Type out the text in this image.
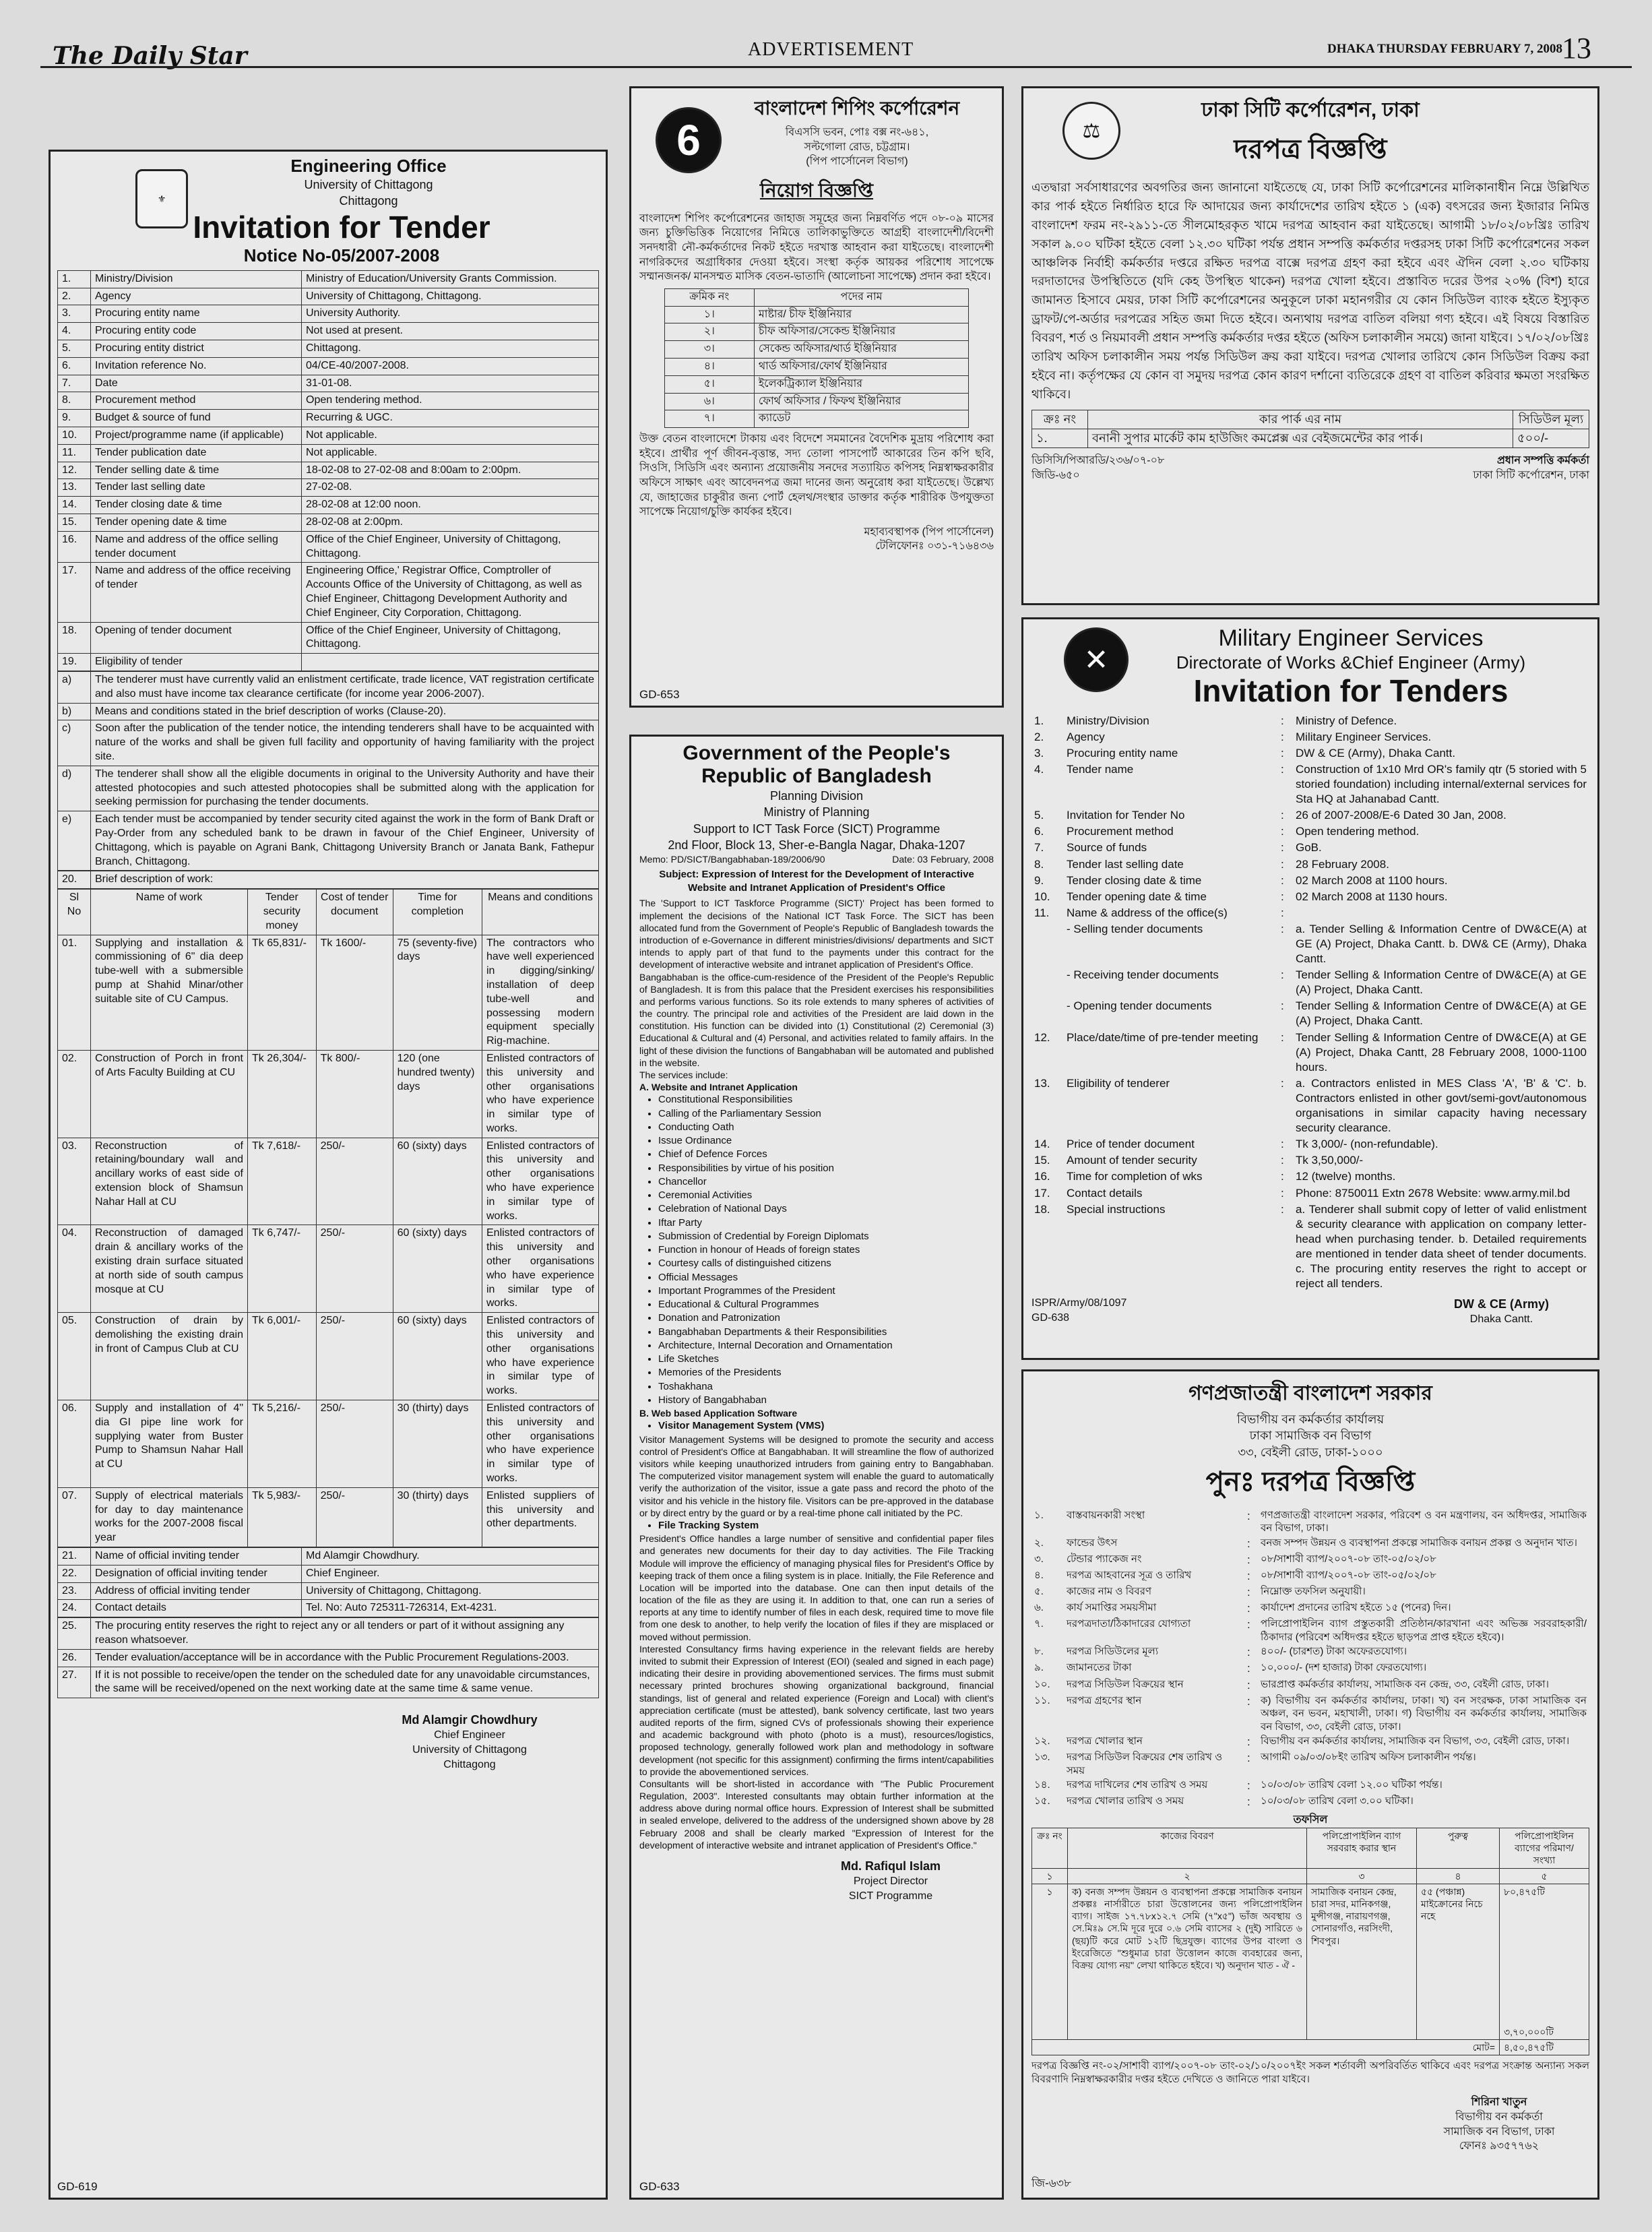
The Daily Star	ADVERTISEMENT	DHAKA THURSDAY FEBRUARY 7, 2008 13
⚜
Engineering Office
University of Chittagong
Chittagong
Invitation for Tender
Notice No-05/2007-2008
1.	Ministry/Division	Ministry of Education/University Grants Commission.
2.	Agency	University of Chittagong, Chittagong.
3.	Procuring entity name	University Authority.
4.	Procuring entity code	Not used at present.
5.	Procuring entity district	Chittagong.
6.	Invitation reference No.	04/CE-40/2007-2008.
7.	Date	31-01-08.
8.	Procurement method	Open tendering method.
9.	Budget & source of fund	Recurring & UGC.
10.	Project/programme name (if applicable)	Not applicable.
11.	Tender publication date	Not applicable.
12.	Tender selling date & time	18-02-08 to 27-02-08 and 8:00am to 2:00pm.
13.	Tender last selling date	27-02-08.
14.	Tender closing date & time	28-02-08 at 12:00 noon.
15.	Tender opening date & time	28-02-08 at 2:00pm.
16.	Name and address of the office selling tender document	Office of the Chief Engineer, University of Chittagong, Chittagong.
17.	Name and address of the office receiving of tender	Engineering Office,' Registrar Office, Comptroller of Accounts Office of the University of Chittagong, as well as Chief Engineer, Chittagong Development Authority and Chief Engineer, City Corporation, Chittagong.
18.	Opening of tender document	Office of the Chief Engineer, University of Chittagong, Chittagong.
19.	Eligibility of tender	
a)	The tenderer must have currently valid an enlistment certificate, trade licence, VAT registration certificate and also must have income tax clearance certificate (for income year 2006-2007).
b)	Means and conditions stated in the brief description of works (Clause-20).
c)	Soon after the publication of the tender notice, the intending tenderers shall have to be acquainted with nature of the works and shall be given full facility and opportunity of having familiarity with the project site.
d)	The tenderer shall show all the eligible documents in original to the University Authority and have their attested photocopies and such attested photocopies shall be submitted along with the application for seeking permission for purchasing the tender documents.
e)	Each tender must be accompanied by tender security cited against the work in the form of Bank Draft or Pay-Order from any scheduled bank to be drawn in favour of the Chief Engineer, University of Chittagong, which is payable on Agrani Bank, Chittagong University Branch or Janata Bank, Fathepur Branch, Chittagong.
20.	Brief description of work:
Sl No	Name of work	Tender security money	Cost of tender document	Time for completion	Means and conditions
01.	Supplying and installation & commissioning of 6" dia deep tube-well with a submersible pump at Shahid Minar/other suitable site of CU Campus.	Tk 65,831/-	Tk 1600/-	75 (seventy-five) days	The contractors who have well experienced in digging/sinking/ installation of deep tube-well and possessing modern equipment specially Rig-machine.
02.	Construction of Porch in front of Arts Faculty Building at CU	Tk 26,304/-	Tk 800/-	120 (one hundred twenty) days	Enlisted contractors of this university and other organisations who have experience in similar type of works.
03.	Reconstruction of retaining/boundary wall and ancillary works of east side of extension block of Shamsun Nahar Hall at CU	Tk 7,618/-	250/-	60 (sixty) days	Enlisted contractors of this university and other organisations who have experience in similar type of works.
04.	Reconstruction of damaged drain & ancillary works of the existing drain surface situated at north side of south campus mosque at CU	Tk 6,747/-	250/-	60 (sixty) days	Enlisted contractors of this university and other organisations who have experience in similar type of works.
05.	Construction of drain by demolishing the existing drain in front of Campus Club at CU	Tk 6,001/-	250/-	60 (sixty) days	Enlisted contractors of this university and other organisations who have experience in similar type of works.
06.	Supply and installation of 4" dia GI pipe line work for supplying water from Buster Pump to Shamsun Nahar Hall at CU	Tk 5,216/-	250/-	30 (thirty) days	Enlisted contractors of this university and other organisations who have experience in similar type of works.
07.	Supply of electrical materials for day to day maintenance works for the 2007-2008 fiscal year	Tk 5,983/-	250/-	30 (thirty) days	Enlisted suppliers of this university and other departments.
21.	Name of official inviting tender	Md Alamgir Chowdhury.
22.	Designation of official inviting tender	Chief Engineer.
23.	Address of official inviting tender	University of Chittagong, Chittagong.
24.	Contact details	Tel. No: Auto 725311-726314, Ext-4231.
25.	The procuring entity reserves the right to reject any or all tenders or part of it without assigning any reason whatsoever.
26.	Tender evaluation/acceptance will be in accordance with the Public Procurement Regulations-2003.
27.	If it is not possible to receive/open the tender on the scheduled date for any unavoidable circumstances, the same will be received/opened on the next working date at the same time & same venue.
Md Alamgir Chowdhury
Chief Engineer
University of Chittagong
Chittagong
GD-619
6
বাংলাদেশ শিপিং কর্পোরেশন
বিএসসি ভবন, পোঃ বক্স নং-৬৪১,
সল্টগোলা রোড, চট্টগ্রাম।
(পিপ পার্সোনেল বিভাগ)
নিয়োগ বিজ্ঞপ্তি
বাংলাদেশ শিপিং কর্পোরেশনের জাহাজ সমূহের জন্য নিম্নবর্ণিত পদে ০৮-০৯ মাসের জন্য চুক্তিভিত্তিক নিয়োগের নিমিত্তে তালিকাভুক্তিতে আগ্রহী বাংলাদেশী/বিদেশী সনদধারী নৌ-কর্মকর্তাদের নিকট হইতে দরখাস্ত আহবান করা যাইতেছে। বাংলাদেশী নাগরিকদের অগ্রাধিকার দেওয়া হইবে। সংস্থা কর্তৃক আয়কর পরিশোধ সাপেক্ষে সম্মানজনক/ মানসম্মত মাসিক বেতন-ভাতাদি (আলোচনা সাপেক্ষে) প্রদান করা হইবে।
ক্রমিক নং	পদের নাম
১।	মাষ্টার/ চীফ ইঞ্জিনিয়ার
২।	চীফ অফিসার/সেকেন্ড ইঞ্জিনিয়ার
৩।	সেকেন্ড অফিসার/থার্ড ইঞ্জিনিয়ার
৪।	থার্ড অফিসার/ফোর্থ ইঞ্জিনিয়ার
৫।	ইলেকট্রিক্যাল ইঞ্জিনিয়ার
৬।	ফোর্থ অফিসার / ফিফথ ইঞ্জিনিয়ার
৭।	ক্যাডেট
উক্ত বেতন বাংলাদেশে টাকায় এবং বিদেশে সমমানের বৈদেশিক মুদ্রায় পরিশোধ করা হইবে। প্রার্থীর পূর্ণ জীবন-বৃত্তান্ত, সদ্য তোলা পাসপোর্ট আকারের তিন কপি ছবি, সিওসি, সিডিসি এবং অন্যান্য প্রয়োজনীয় সনদের সত্যায়িত কপিসহ নিম্নস্বাক্ষরকারীর অফিসে সাক্ষাৎ এবং আবেদনপত্র জমা দানের জন্য অনুরোধ করা যাইতেছে। উল্লেখ্য যে, জাহাজের চাকুরীর জন্য পোর্ট হেলথ/সংস্থার ডাক্তার কর্তৃক শারীরিক উপযুক্ততা সাপেক্ষে নিয়োগ/চুক্তি কার্যকর হইবে।
মহাব্যবস্থাপক (পিপ পার্সোনেল)
টেলিফোনঃ ০৩১-৭১৬৪৩৬
GD-653
Government of the People's
Republic of Bangladesh
Planning Division
Ministry of Planning
Support to ICT Task Force (SICT) Programme
2nd Floor, Block 13, Sher-e-Bangla Nagar, Dhaka-1207
Memo: PD/SICT/Bangabhaban-189/2006/90	Date: 03 February, 2008
Subject: Expression of Interest for the Development of Interactive Website and Intranet Application of President's Office
The 'Support to ICT Taskforce Programme (SICT)' Project has been formed to implement the decisions of the National ICT Task Force. The SICT has been allocated fund from the Government of People's Republic of Bangladesh towards the introduction of e-Governance in different ministries/divisions/ departments and SICT intends to apply part of that fund to the payments under this contract for the development of interactive website and intranet application of President's Office.
Bangabhaban is the office-cum-residence of the President of the People's Republic of Bangladesh. It is from this palace that the President exercises his responsibilities and performs various functions. So its role extends to many spheres of activities of the country. The principal role and activities of the President are laid down in the constitution. His function can be divided into (1) Constitutional (2) Ceremonial (3) Educational & Cultural and (4) Personal, and activities related to family affairs. In the light of these division the functions of Bangabhaban will be automated and published in the website.
The services include:
A. Website and Intranet Application
• Constitutional Responsibilities
• Calling of the Parliamentary Session
• Conducting Oath
• Issue Ordinance
• Chief of Defence Forces
• Responsibilities by virtue of his position
• Chancellor
• Ceremonial Activities
• Celebration of National Days
• Iftar Party
• Submission of Credential by Foreign Diplomats
• Function in honour of Heads of foreign states
• Courtesy calls of distinguished citizens
• Official Messages
• Important Programmes of the President
• Educational & Cultural Programmes
• Donation and Patronization
• Bangabhaban Departments & their Responsibilities
• Architecture, Internal Decoration and Ornamentation
• Life Sketches
• Memories of the Presidents
• Toshakhana
• History of Bangabhaban
B. Web based Application Software
• Visitor Management System (VMS)
Visitor Management Systems will be designed to promote the security and access control of President's Office at Bangabhaban. It will streamline the flow of authorized visitors while keeping unauthorized intruders from gaining entry to Bangabhaban. The computerized visitor management system will enable the guard to automatically verify the authorization of the visitor, issue a gate pass and record the photo of the visitor and his vehicle in the history file. Visitors can be pre-approved in the database or by direct entry by the guard or by a real-time phone call initiated by the PC.
• File Tracking System
President's Office handles a large number of sensitive and confidential paper files and generates new documents for their day to day activities. The File Tracking Module will improve the efficiency of managing physical files for President's Office by keeping track of them once a filing system is in place. Initially, the File Reference and Location will be imported into the database. One can then input details of the location of the file as they are using it. In addition to that, one can run a series of reports at any time to identify number of files in each desk, required time to move file from one desk to another, to help verify the location of files if they are misplaced or moved without permission.
Interested Consultancy firms having experience in the relevant fields are hereby invited to submit their Expression of Interest (EOI) (sealed and signed in each page) indicating their desire in providing abovementioned services. The firms must submit necessary printed brochures showing organizational background, financial standings, list of general and related experience (Foreign and Local) with client's appreciation certificate (must be attested), bank solvency certificate, last two years audited reports of the firm, signed CVs of professionals showing their experience and academic background with photo (photo is a must), resources/logistics, proposed technology, generally followed work plan and methodology in software development (not specific for this assignment) confirming the firms intent/capabilities to provide the abovementioned services.
Consultants will be short-listed in accordance with "The Public Procurement Regulation, 2003". Interested consultants may obtain further information at the address above during normal office hours. Expression of Interest shall be submitted in sealed envelope, delivered to the address of the undersigned shown above by 28 February 2008 and shall be clearly marked "Expression of Interest for the development of interactive website and intranet application of President's Office."
Md. Rafiqul Islam
Project Director
SICT Programme
GD-633
⚖
ঢাকা সিটি কর্পোরেশন, ঢাকা
দরপত্র বিজ্ঞপ্তি
এতদ্বারা সর্বসাধারণের অবগতির জন্য জানানো যাইতেছে যে, ঢাকা সিটি কর্পোরেশনের মালিকানাধীন নিম্নে উল্লিখিত কার পার্ক হইতে নির্ধারিত হারে ফি আদায়ের জন্য কার্যাদেশের তারিখ হইতে ১ (এক) বৎসরের জন্য ইজারার নিমিত্ত বাংলাদেশ ফরম নং-২৯১১-তে সীলমোহরকৃত খামে দরপত্র আহবান করা যাইতেছে। আগামী ১৮/০২/০৮খ্রিঃ তারিখ সকাল ৯.০০ ঘটিকা হইতে বেলা ১২.৩০ ঘটিকা পর্যন্ত প্রধান সম্পত্তি কর্মকর্তার দপ্তরসহ ঢাকা সিটি কর্পোরেশনের সকল আঞ্চলিক নির্বাহী কর্মকর্তার দপ্তরে রক্ষিত দরপত্র বাক্সে দরপত্র গ্রহণ করা হইবে এবং ঐদিন বেলা ২.৩০ ঘটিকায় দরদাতাদের উপস্থিতিতে (যদি কেহ উপস্থিত থাকেন) দরপত্র খোলা হইবে। প্রস্তাবিত দরের উপর ২০% (বিশ) হারে জামানত হিসাবে মেয়র, ঢাকা সিটি কর্পোরেশনের অনুকূলে ঢাকা মহানগরীর যে কোন সিডিউল ব্যাংক হইতে ইস্যুকৃত ড্রাফট/পে-অর্ডার দরপত্রের সহিত জমা দিতে হইবে। অন্যথায় দরপত্র বাতিল বলিয়া গণ্য হইবে। এই বিষয়ে বিস্তারিত বিবরণ, শর্ত ও নিয়মাবলী প্রধান সম্পত্তি কর্মকর্তার দপ্তর হইতে (অফিস চলাকালীন সময়ে) জানা যাইবে। ১৭/০২/০৮খ্রিঃ তারিখ অফিস চলাকালীন সময় পর্যন্ত সিডিউল ক্রয় করা যাইবে। দরপত্র খোলার তারিখে কোন সিডিউল বিক্রয় করা হইবে না। কর্তৃপক্ষের যে কোন বা সমুদয় দরপত্র কোন কারণ দর্শানো ব্যতিরেকে গ্রহণ বা বাতিল করিবার ক্ষমতা সংরক্ষিত থাকিবে।
ক্রঃ নং	কার পার্ক এর নাম	সিডিউল মূল্য
১.	বনানী সুপার মার্কেট কাম হাউজিং কমপ্লেক্স এর বেইজমেন্টের কার পার্ক।	৫০০/-
ডিসিসি/পিআরডি/২৩৬/০৭-০৮
জিডি-৬৫০
প্রধান সম্পত্তি কর্মকর্তা
ঢাকা সিটি কর্পোরেশন, ঢাকা
✕
Military Engineer Services
Directorate of Works &Chief Engineer (Army)
Invitation for Tenders
1.	Ministry/Division	:	Ministry of Defence.
2.	Agency	:	Military Engineer Services.
3.	Procuring entity name	:	DW & CE (Army), Dhaka Cantt.
4.	Tender name	:	Construction of 1x10 Mrd OR's family qtr (5 storied with 5 storied foundation) including internal/external services for Sta HQ at Jahanabad Cantt.
5.	Invitation for Tender No	:	26 of 2007-2008/E-6 Dated 30 Jan, 2008.
6.	Procurement method	:	Open tendering method.
7.	Source of funds	:	GoB.
8.	Tender last selling date	:	28 February 2008.
9.	Tender closing date & time	:	02 March 2008 at 1100 hours.
10.	Tender opening date & time	:	02 March 2008 at 1130 hours.
11.	Name & address of the office(s)	:	
	- Selling tender documents	:	a. Tender Selling & Information Centre of DW&CE(A) at GE (A) Project, Dhaka Cantt. b. DW& CE (Army), Dhaka Cantt.
	- Receiving tender documents	:	Tender Selling & Information Centre of DW&CE(A) at GE (A) Project, Dhaka Cantt.
	- Opening tender documents	:	Tender Selling & Information Centre of DW&CE(A) at GE (A) Project, Dhaka Cantt.
12.	Place/date/time of pre-tender meeting	:	Tender Selling & Information Centre of DW&CE(A) at GE (A) Project, Dhaka Cantt, 28 February 2008, 1000-1100 hours.
13.	Eligibility of tenderer	:	a. Contractors enlisted in MES Class 'A', 'B' & 'C'. b. Contractors enlisted in other govt/semi-govt/autonomous organisations in similar capacity having necessary security clearance.
14.	Price of tender document	:	Tk 3,000/- (non-refundable).
15.	Amount of tender security	:	Tk 3,50,000/-
16.	Time for completion of wks	:	12 (twelve) months.
17.	Contact details	:	Phone: 8750011 Extn 2678 Website: www.army.mil.bd
18.	Special instructions	:	a. Tenderer shall submit copy of letter of valid enlistment & security clearance with application on company letter-head when purchasing tender. b. Detailed requirements are mentioned in tender data sheet of tender documents. c. The procuring entity reserves the right to accept or reject all tenders.
ISPR/Army/08/1097
GD-638
DW & CE (Army)
Dhaka Cantt.
গণপ্রজাতন্ত্রী বাংলাদেশ সরকার
বিভাগীয় বন কর্মকর্তার কার্যালয়
ঢাকা সামাজিক বন বিভাগ
৩৩, বেইলী রোড, ঢাকা-১০০০
পুনঃ দরপত্র বিজ্ঞপ্তি
১.	বাস্তবায়নকারী সংস্থা	:	গণপ্রজাতন্ত্রী বাংলাদেশ সরকার, পরিবেশ ও বন মন্ত্রণালয়, বন অধিদপ্তর, সামাজিক বন বিভাগ, ঢাকা।
২.	ফান্ডের উৎস	:	বনজ সম্পদ উন্নয়ন ও ব্যবস্থাপনা প্রকল্পে সামাজিক বনায়ন প্রকল্প ও অনুদান খাত।
৩.	টেন্ডার প্যাকেজ নং	:	০৮/সাশাবী ব্যাপ/২০০৭-০৮ তাং-০৫/০২/০৮
৪.	দরপত্র আহবানের সূত্র ও তারিখ	:	০৮/সাশাবী ব্যাপ/২০০৭-০৮ তাং-০৫/০২/০৮
৫.	কাজের নাম ও বিবরণ	:	নিম্নোক্ত তফসিল অনুযায়ী।
৬.	কার্য সমাপ্তির সময়সীমা	:	কার্যাদেশ প্রদানের তারিখ হইতে ১৫ (পনের) দিন।
৭.	দরপত্রদাতা/ঠিকাদারের যোগ্যতা	:	পলিপ্রোপাইলিন ব্যাগ প্রস্তুতকারী প্রতিষ্ঠান/কারখানা এবং অভিজ্ঞ সরবরাহকারী/ঠিকাদার (পরিবেশ অধিদপ্তর হইতে ছাড়পত্র প্রাপ্ত হইতে হইবে)।
৮.	দরপত্র সিডিউলের মূল্য	:	৪০০/- (চারশত) টাকা অফেরতযোগ্য।
৯.	জামানতের টাকা	:	১০,০০০/- (দশ হাজার) টাকা ফেরতযোগ্য।
১০.	দরপত্র সিডিউল বিক্রয়ের স্থান	:	ভারপ্রাপ্ত কর্মকর্তার কার্যালয়, সামাজিক বন কেন্দ্র, ৩৩, বেইলী রোড, ঢাকা।
১১.	দরপত্র গ্রহণের স্থান	:	ক) বিভাগীয় বন কর্মকর্তার কার্যালয়, ঢাকা। খ) বন সংরক্ষক, ঢাকা সামাজিক বন অঞ্চল, বন ভবন, মহাখালী, ঢাকা। গ) বিভাগীয় বন কর্মকর্তার কার্যালয়, সামাজিক বন বিভাগ, ৩৩, বেইলী রোড, ঢাকা।
১২.	দরপত্র খোলার স্থান	:	বিভাগীয় বন কর্মকর্তার কার্যালয়, সামাজিক বন বিভাগ, ৩৩, বেইলী রোড, ঢাকা।
১৩.	দরপত্র সিডিউল বিক্রয়ের শেষ তারিখ ও সময়	:	আগামী ০৯/০৩/০৮ইং তারিখ অফিস চলাকালীন পর্যন্ত।
১৪.	দরপত্র দাখিলের শেষ তারিখ ও সময়	:	১০/০৩/০৮ তারিখ বেলা ১২.০০ ঘটিকা পর্যন্ত।
১৫.	দরপত্র খোলার তারিখ ও সময়	:	১০/০৩/০৮ তারিখ বেলা ৩.০০ ঘটিকা।
তফসিল
ক্রঃ নং	কাজের বিবরণ	পলিপ্রোপাইলিন ব্যাগ সরবরাহ করার স্থান	পুরুত্ব	পলিপ্রোপাইলিন ব্যাগের পরিমাণ/ সংখ্যা
১	২	৩	৪	৫
১	ক) বনজ সম্পদ উন্নয়ন ও ব্যবস্থাপনা প্রকল্পে সামাজিক বনায়ন প্রকল্পঃ নার্সারীতে চারা উত্তোলনের জন্য পলিপ্রোপাইলিন ব্যাগ। সাইজ ১৭.৭৮x১২.৭ সেমি (৭"x৫") ভাঁজ অবস্থায় ও সে.মিঃ৯ সে.মি দূরে দুরে ০.৬ সেমি ব্যাসের ২ (দুই) সারিতে ৬ (ছয়)টি করে মোট ১২টি ছিদ্রযুক্ত। ব্যাগের উপর বাংলা ও ইংরেজিতে "শুধুমাত্র চারা উত্তোলন কাজে ব্যবহারের জন্য, বিক্রয় যোগ্য নয়" লেখা থাকিতে হইবে। খ) অনুদান খাত - ঐ -	সামাজিক বনায়ন কেন্দ্র, চারা সদর, মানিকগঞ্জ, মুন্সীগঞ্জ, নারায়ণগঞ্জ, সোনারগাঁও, নরসিংদী, শিবপুর।	৫৫ (পঞ্চান্ন) মাইক্রোনের নিচে নহে	৮০,৪৭৫টি
৩,৭০,০০০টি

মোট=				৪,৫০,৪৭৫টি
দরপত্র বিজ্ঞপ্তি নং-০২/সাশাবী ব্যাপ/২০০৭-০৮ তাং-০২/১০/২০০৭ইং সকল শর্তাবলী অপরিবর্তিত থাকিবে এবং দরপত্র সংক্রান্ত অন্যান্য সকল বিবরণাদি নিম্নস্বাক্ষরকারীর দপ্তর হইতে দেখিতে ও জানিতে পারা যাইবে।
শিরিনা খাতুন
বিভাগীয় বন কর্মকর্তা
সামাজিক বন বিভাগ, ঢাকা
ফোনঃ ৯৩৫৭৭৬২
জি-৬৩৮
